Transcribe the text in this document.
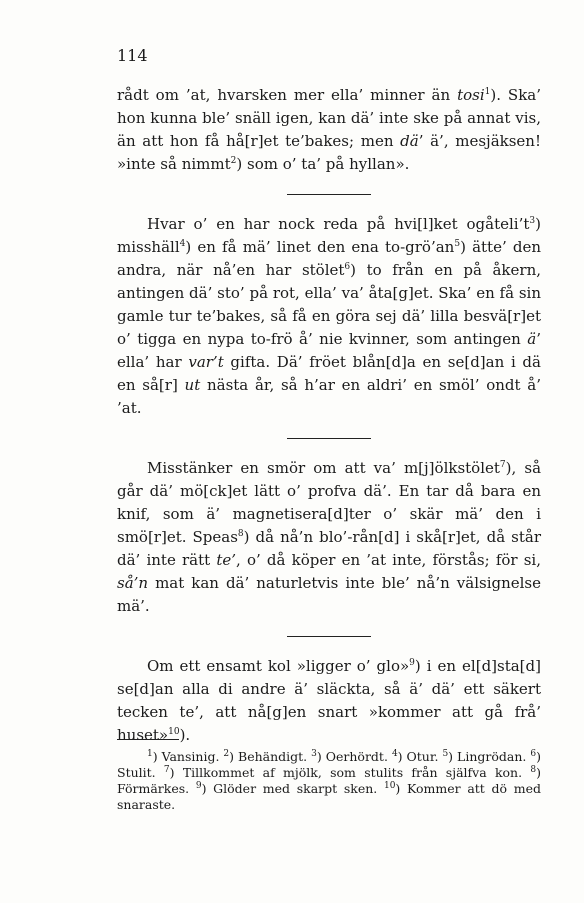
114

rådt om ’at, hvarsken mer ella’ minner än tosi$^1$). Ska’ hon kunna ble’ snäll igen, kan dä’ inte ske på annat vis, än att hon få hå[r]et te’bakes; men dä’ ä’, mesjäksen! »inte så nimmt$^2$) som o’ ta’ på hyllan».

Hvar o’ en har nock reda på hvi[l]ket $ogåteli’t^3$) misshäll$^4$) en få mä’ linet den ena $to-grö’an^5$) ätte’ den andra, när nå’en har stölet$^6$) to från en på åkern, antingen dä’ sto’ på rot, ella’ va’ åta[g]et. Ska’ en få sin gamle tur te’bakes, så få en göra sej dä’ lilla besvä[r]et o’ tigga en nypa to-frö å’ nie kvinner, som antingen ä’ ella’ har var’t gifta. Dä’ fröet blån[d]a en se[d]an i dä en så[r] ut nästa år, så h’ar en aldri’ en smöl’ ondt å’ ’at.

Misstänker en smör om att va’ m[j]ölkstölet$^7$), så går dä’ mö[ck]et lätt o’ profva dä’. En tar då bara en knif, som ä’ magnetisera[d]ter o’ skär mä’ den i smö[r]et. Speas$^8$) då nå’n blo’-rån[d] i skå[r]et, då står dä’ inte rätt te’, o’ då köper en ’at inte, förstås; för si, så’n mat kan dä’ naturletvis inte ble’ nå’n välsignelse mä’.

Om ett ensamt kol »ligger o’ glo»$^9$) i en el[d]sta[d] se[d]an alla di andre ä’ släckta, så ä’ dä’ ett säkert tecken te’, att nå[g]en snart »kommer att gå frå’ huset»$^{10}$).

$^1$) Vansinig. $^2$) Behändigt. $^3$) Oerhördt. $^4$) Otur. $^5$) Lingrödan. $^6$) Stulit. $^7$) Tillkommet af mjölk, som stulits från själfva kon. $^8$) Förmärkes. $^9$) Glöder med skarpt sken. $^{10}$) Kommer att dö med snaraste.
